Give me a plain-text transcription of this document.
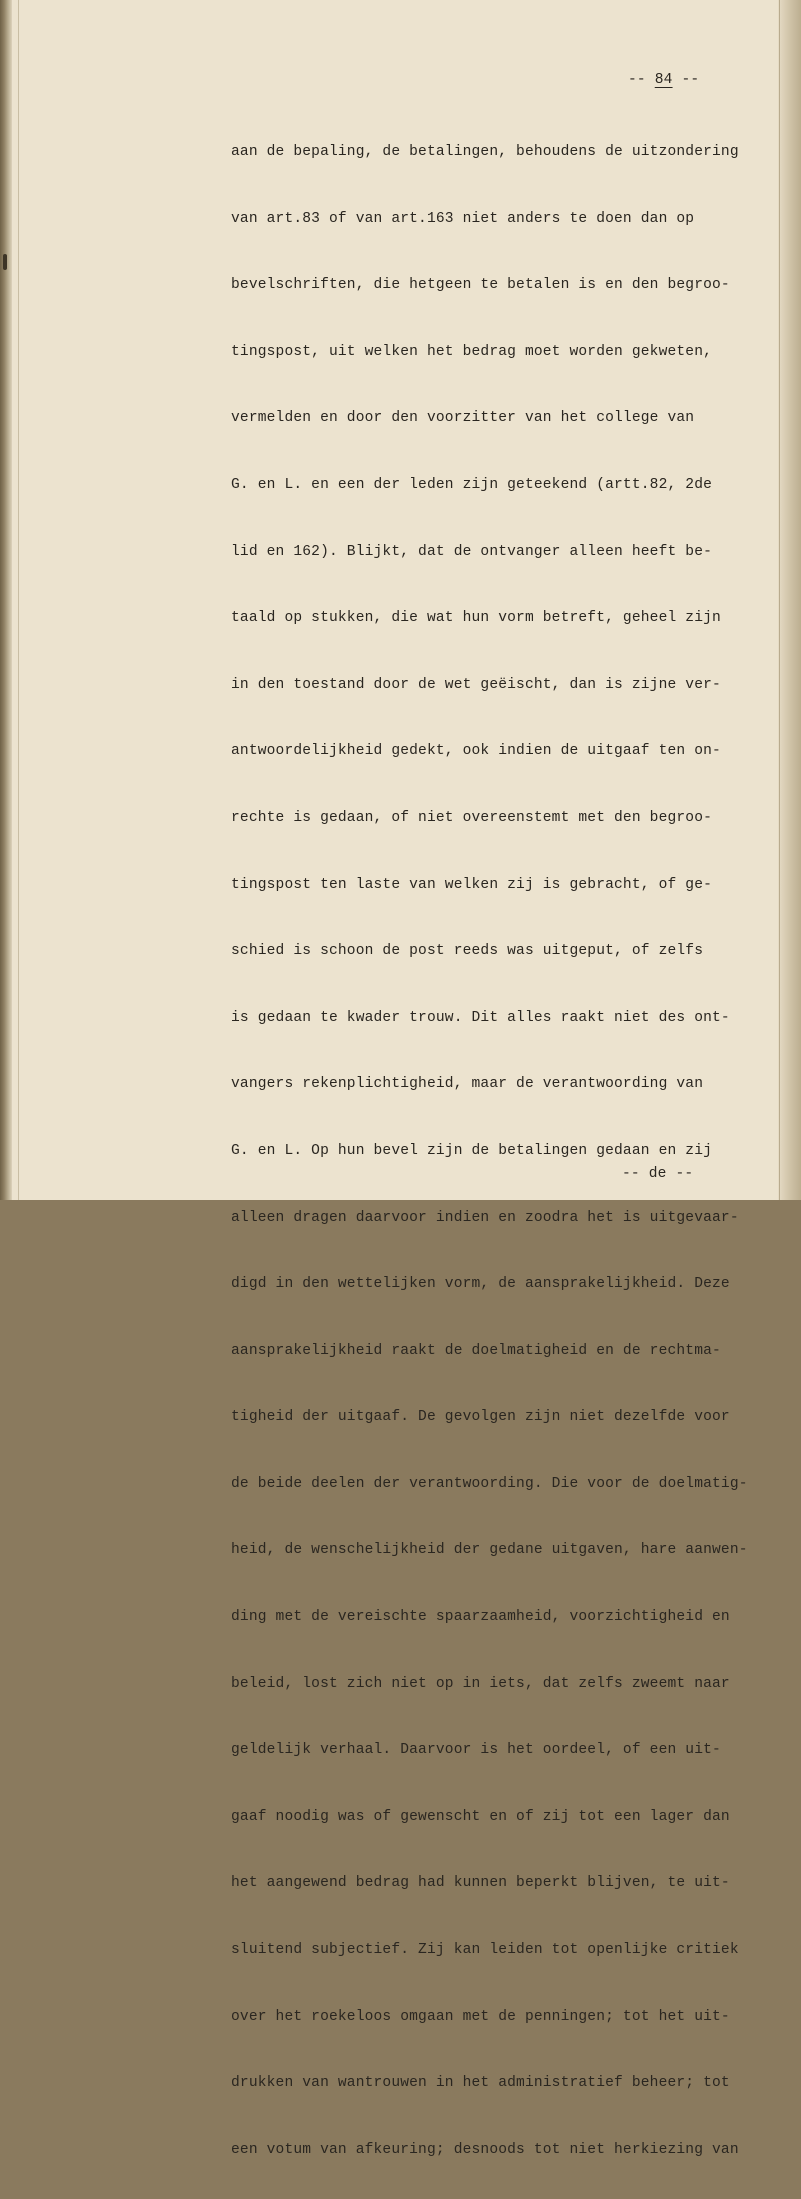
-- 84 --

aan de bepaling, de betalingen, behoudens de uitzondering

van art.83 of van art.163 niet anders te doen dan op

bevelschriften, die hetgeen te betalen is en den begroo-

tingspost, uit welken het bedrag moet worden gekweten,

vermelden en door den voorzitter van het college van

G. en L. en een der leden zijn geteekend (artt.82, 2de

lid en 162). Blijkt, dat de ontvanger alleen heeft be-

taald op stukken, die wat hun vorm betreft, geheel zijn

in den toestand door de wet geëischt, dan is zijne ver-

antwoordelijkheid gedekt, ook indien de uitgaaf ten on-

rechte is gedaan, of niet overeenstemt met den begroo-

tingspost ten laste van welken zij is gebracht, of ge-

schied is schoon de post reeds was uitgeput, of zelfs

is gedaan te kwader trouw. Dit alles raakt niet des ont-

vangers rekenplichtigheid, maar de verantwoording van

G. en L. Op hun bevel zijn de betalingen gedaan en zij

alleen dragen daarvoor indien en zoodra het is uitgevaar-

digd in den wettelijken vorm, de aansprakelijkheid. Deze

aansprakelijkheid raakt de doelmatigheid en de rechtma-

tigheid der uitgaaf. De gevolgen zijn niet dezelfde voor

de beide deelen der verantwoording. Die voor de doelmatig-

heid, de wenschelijkheid der gedane uitgaven, hare aanwen-

ding met de vereischte spaarzaamheid, voorzichtigheid en

beleid, lost zich niet op in iets, dat zelfs zweemt naar

geldelijk verhaal. Daarvoor is het oordeel, of een uit-

gaaf noodig was of gewenscht en of zij tot een lager dan

het aangewend bedrag had kunnen beperkt blijven, te uit-

sluitend subjectief. Zij kan leiden tot openlijke critiek

over het roekeloos omgaan met de penningen; tot het uit-

drukken van wantrouwen in het administratief beheer; tot

een votum van afkeuring; desnoods tot niet herkiezing van

-- de --
